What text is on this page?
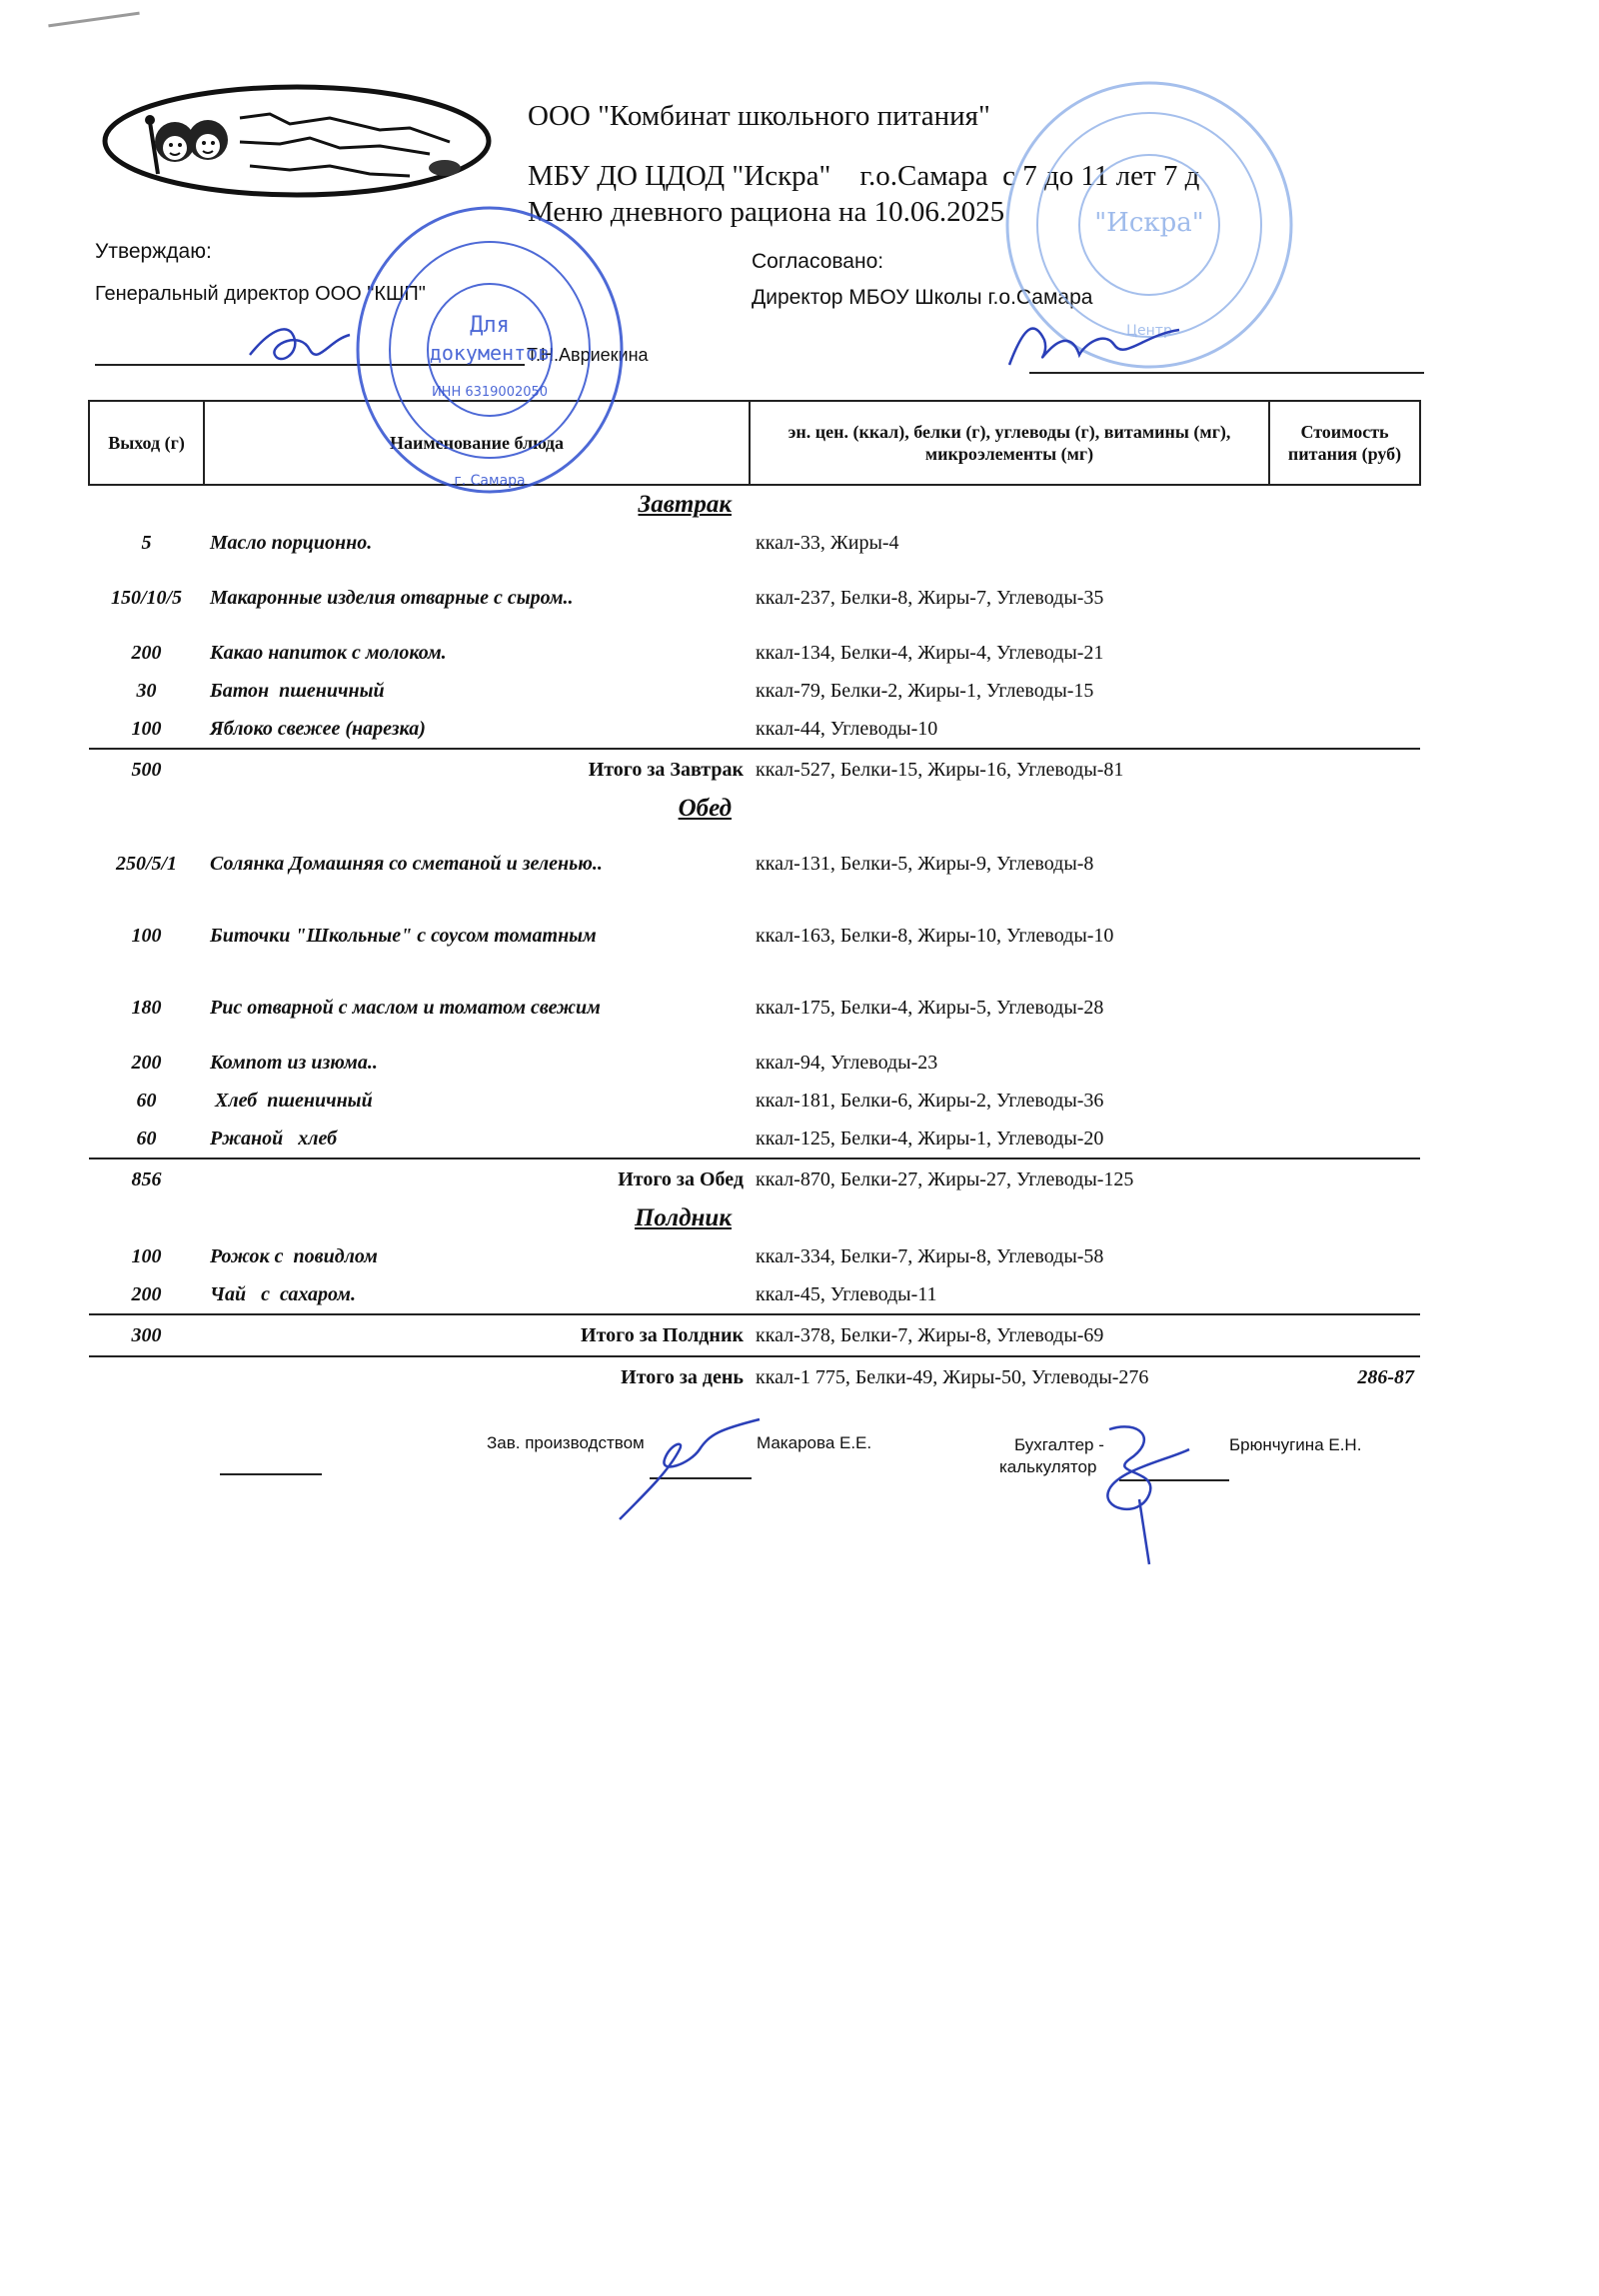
ООО "Комбинат школьного питания"
МБУ ДО ЦДОД "Искра"    г.о.Самара  с 7 до 11 лет 7 д
Меню дневного рациона на 10.06.2025
Утверждаю:
Генеральный директор ООО "КШП"
Т.Н.Авриекина
Согласовано:
Директор МБОУ Школы г.о.Самара
Выход (г)	Наименование блюда	эн. цен. (ккал), белки (г), углеводы (г), витамины (мг), микроэлементы (мг)	Стоимость питания (руб)
Завтрак			
5	Масло порционно.	ккал-33, Жиры-4	
150/10/5	Макаронные изделия отварные с сыром..	ккал-237, Белки-8, Жиры-7, Углеводы-35	
200	Какао напиток с молоком.	ккал-134, Белки-4, Жиры-4, Углеводы-21	
30	Батон  пшеничный	ккал-79, Белки-2, Жиры-1, Углеводы-15	
100	Яблоко свежее (нарезка)	ккал-44, Углеводы-10	
500	Итого за Завтрак	ккал-527, Белки-15, Жиры-16, Углеводы-81	
Обед			
250/5/1	Солянка Домашняя со сметаной и зеленью..	ккал-131, Белки-5, Жиры-9, Углеводы-8	
100	Биточки "Школьные" с соусом томатным	ккал-163, Белки-8, Жиры-10, Углеводы-10	
180	Рис отварной с маслом и томатом свежим	ккал-175, Белки-4, Жиры-5, Углеводы-28	
200	Компот из изюма..	ккал-94, Углеводы-23	
60	Хлеб  пшеничный	ккал-181, Белки-6, Жиры-2, Углеводы-36	
60	Ржаной   хлеб	ккал-125, Белки-4, Жиры-1, Углеводы-20	
856	Итого за Обед	ккал-870, Белки-27, Жиры-27, Углеводы-125	
Полдник			
100	Рожок с  повидлом	ккал-334, Белки-7, Жиры-8, Углеводы-58	
200	Чай   с  сахаром.	ккал-45, Углеводы-11	
300	Итого за Полдник	ккал-378, Белки-7, Жиры-8, Углеводы-69	
	Итого за день	ккал-1 775, Белки-49, Жиры-50, Углеводы-276	286-87
Зав. производством	Макарова Е.Е.	Бухгалтер -
калькулятор
Брюнчугина Е.Н.
Для
документов
ИНН 6319002050
г. Самара
"Искра"
Центр
